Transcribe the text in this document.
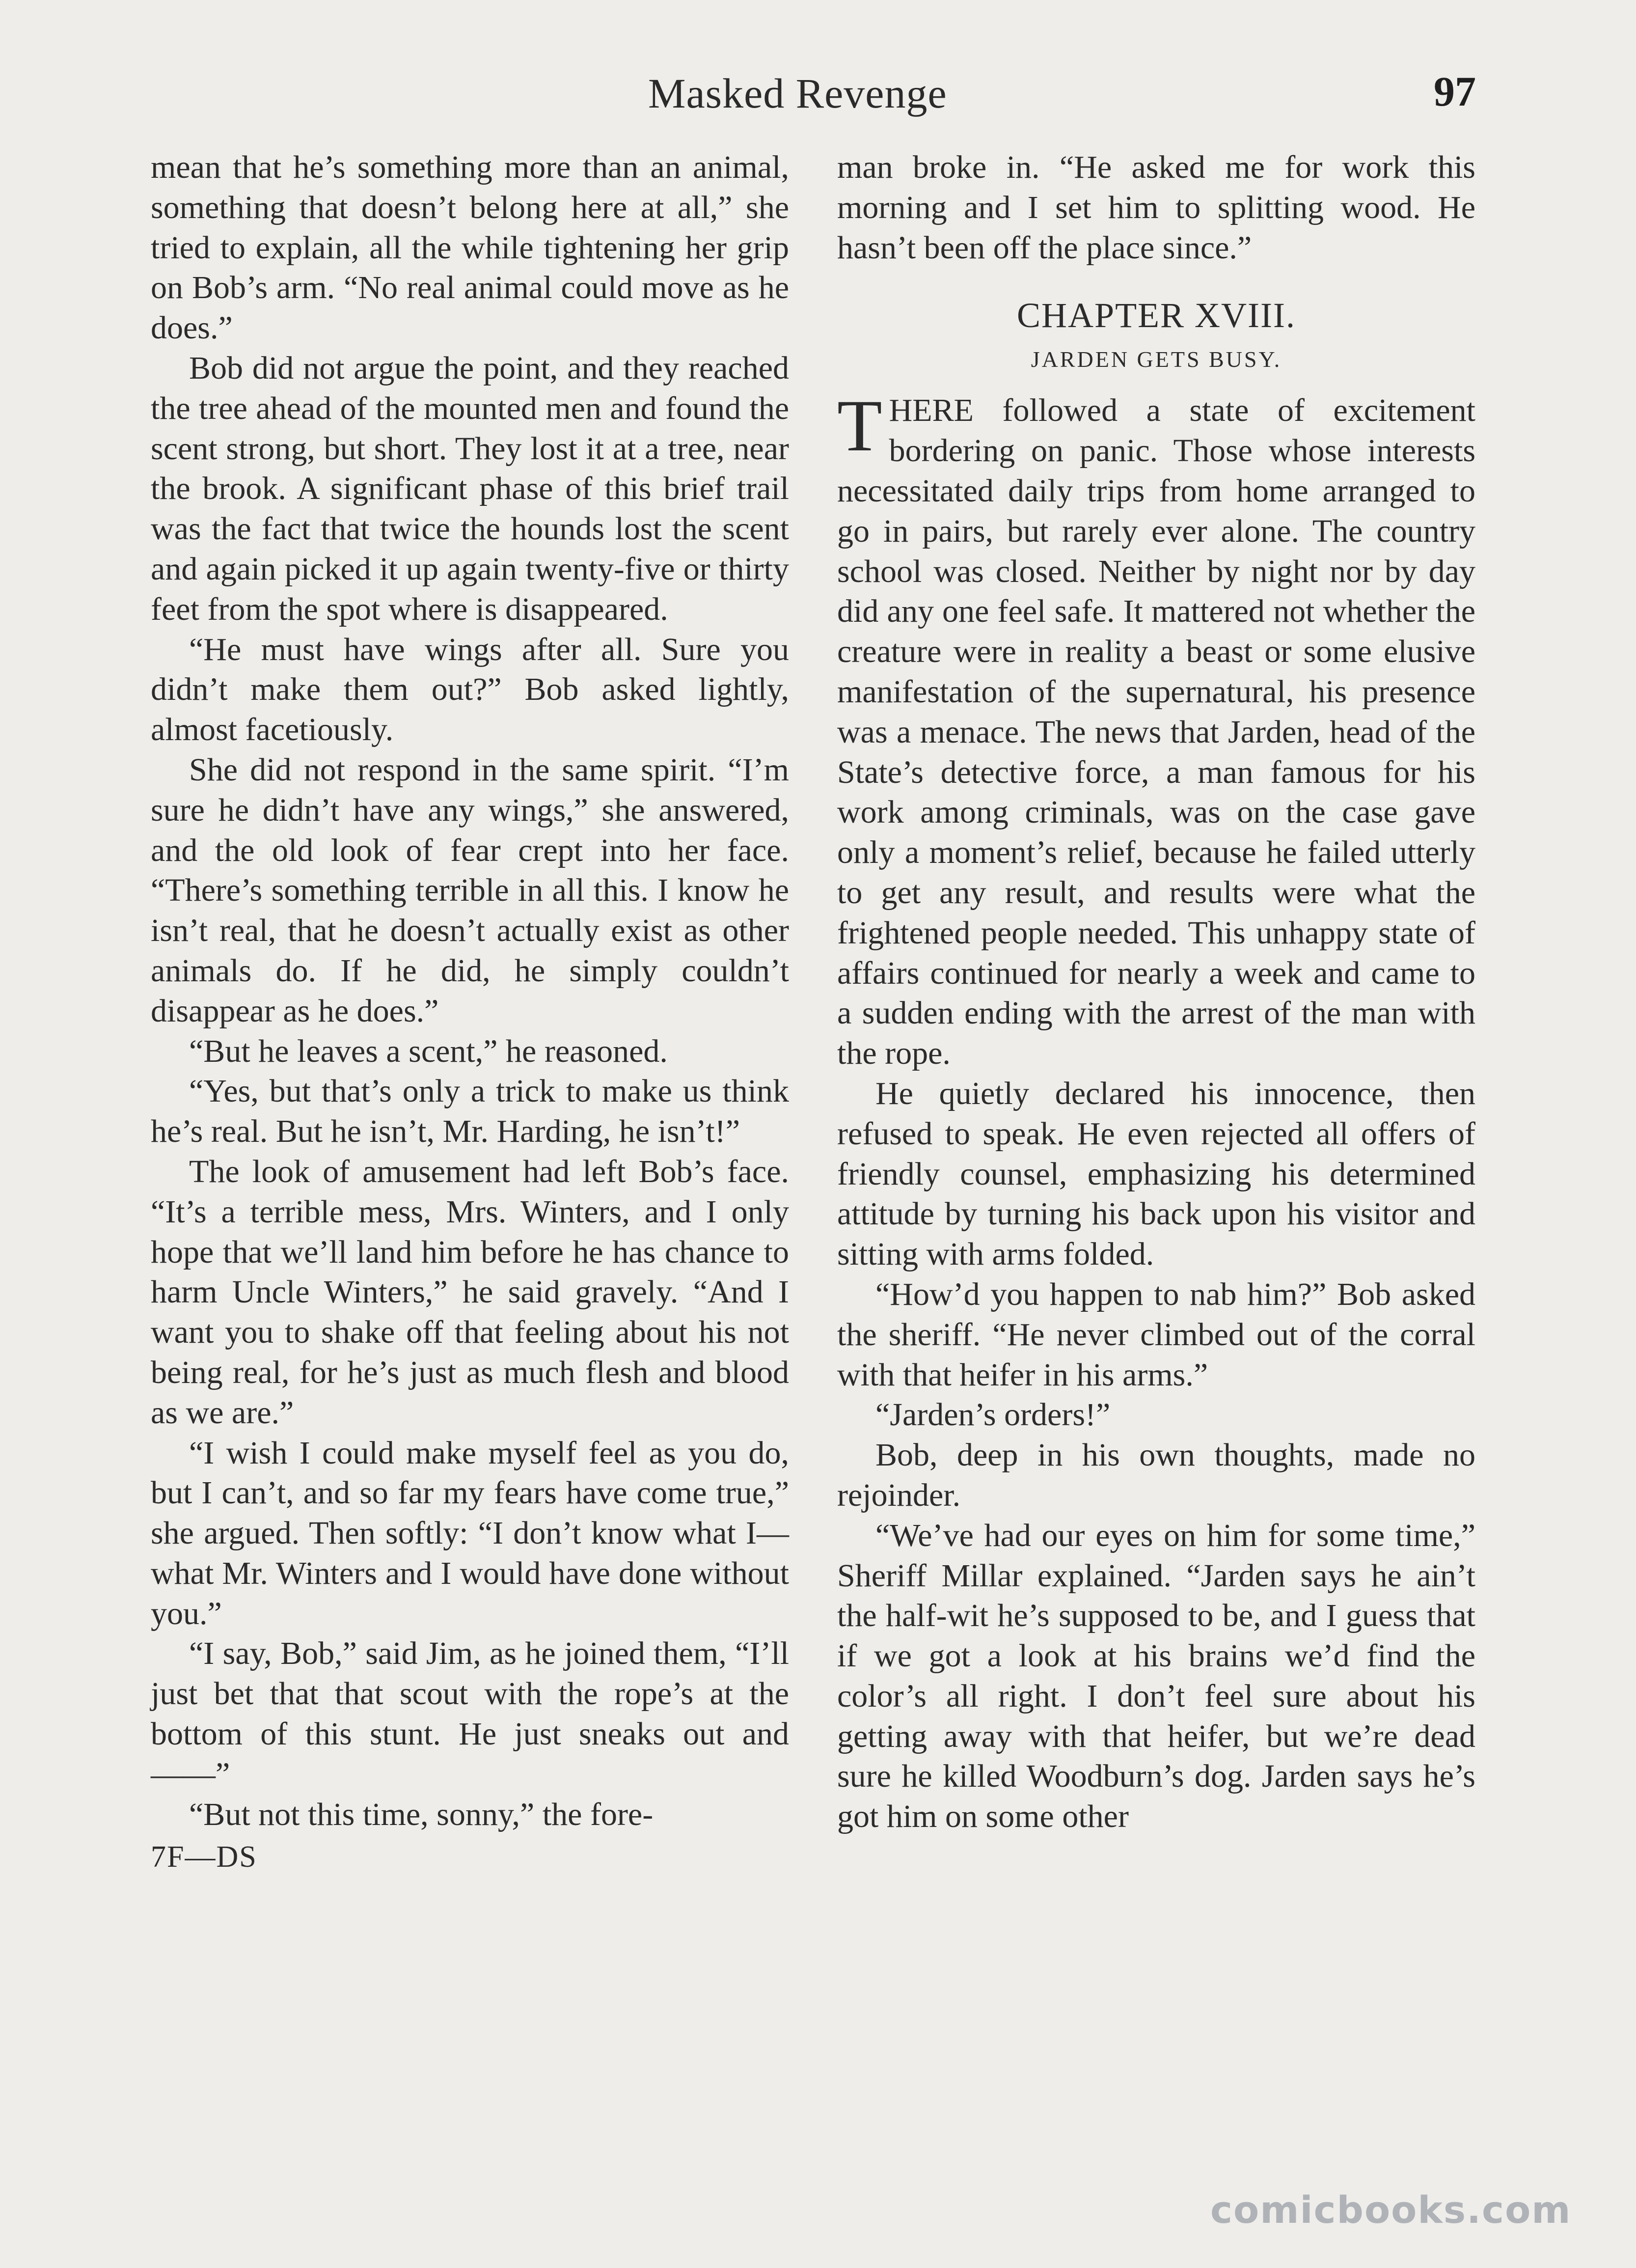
Masked Revenge	97

mean that he’s something more than an animal, something that doesn’t belong here at all,” she tried to explain, all the while tightening her grip on Bob’s arm. “No real animal could move as he does.”

Bob did not argue the point, and they reached the tree ahead of the mounted men and found the scent strong, but short. They lost it at a tree, near the brook. A significant phase of this brief trail was the fact that twice the hounds lost the scent and again picked it up again twenty-five or thirty feet from the spot where is disappeared.

“He must have wings after all. Sure you didn’t make them out?” Bob asked lightly, almost facetiously.

She did not respond in the same spirit. “I’m sure he didn’t have any wings,” she answered, and the old look of fear crept into her face. “There’s something terrible in all this. I know he isn’t real, that he doesn’t actually exist as other animals do. If he did, he simply couldn’t disappear as he does.”

“But he leaves a scent,” he reasoned.

“Yes, but that’s only a trick to make us think he’s real. But he isn’t, Mr. Harding, he isn’t!”

The look of amusement had left Bob’s face. “It’s a terrible mess, Mrs. Winters, and I only hope that we’ll land him before he has chance to harm Uncle Winters,” he said gravely. “And I want you to shake off that feeling about his not being real, for he’s just as much flesh and blood as we are.”

“I wish I could make myself feel as you do, but I can’t, and so far my fears have come true,” she argued. Then softly: “I don’t know what I—what Mr. Winters and I would have done without you.”

“I say, Bob,” said Jim, as he joined them, “I’ll just bet that that scout with the rope’s at the bottom of this stunt. He just sneaks out and——”

“But not this time, sonny,” the fore-

7F—DS

man broke in. “He asked me for work this morning and I set him to splitting wood. He hasn’t been off the place since.”

CHAPTER XVIII.
JARDEN GETS BUSY.

THERE followed a state of excitement bordering on panic. Those whose interests necessitated daily trips from home arranged to go in pairs, but rarely ever alone. The country school was closed. Neither by night nor by day did any one feel safe. It mattered not whether the creature were in reality a beast or some elusive manifestation of the supernatural, his presence was a menace. The news that Jarden, head of the State’s detective force, a man famous for his work among criminals, was on the case gave only a moment’s relief, because he failed utterly to get any result, and results were what the frightened people needed. This unhappy state of affairs continued for nearly a week and came to a sudden ending with the arrest of the man with the rope.

He quietly declared his innocence, then refused to speak. He even rejected all offers of friendly counsel, emphasizing his determined attitude by turning his back upon his visitor and sitting with arms folded.

“How’d you happen to nab him?” Bob asked the sheriff. “He never climbed out of the corral with that heifer in his arms.”

“Jarden’s orders!”

Bob, deep in his own thoughts, made no rejoinder.

“We’ve had our eyes on him for some time,” Sheriff Millar explained. “Jarden says he ain’t the half-wit he’s supposed to be, and I guess that if we got a look at his brains we’d find the color’s all right. I don’t feel sure about his getting away with that heifer, but we’re dead sure he killed Woodburn’s dog. Jarden says he’s got him on some other

comicbooks.com
